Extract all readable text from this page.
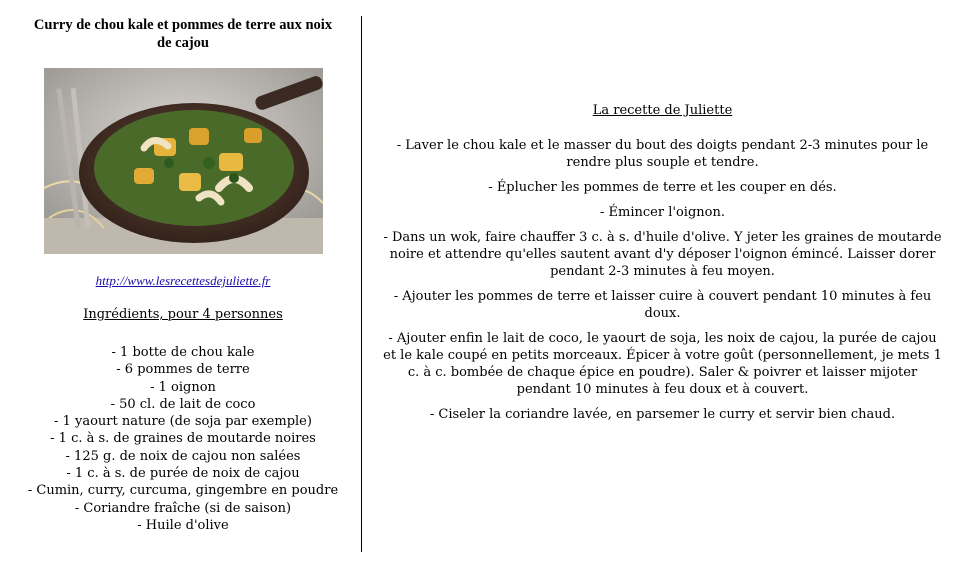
Curry de chou kale et pommes de terre aux noix de cajou
http://www.lesrecettesdejuliette.fr
Ingrédients, pour 4 personnes
- 1 botte de chou kale
- 6 pommes de terre
- 1 oignon
- 50 cl. de lait de coco
- 1 yaourt nature (de soja par exemple)
- 1 c. à s. de graines de moutarde noires
- 125 g. de noix de cajou non salées
- 1 c. à s. de purée de noix de cajou
- Cumin, curry, curcuma, gingembre en poudre
- Coriandre fraîche (si de saison)
- Huile d'olive
La recette de Juliette

- Laver le chou kale et le masser du bout des doigts pendant 2-3 minutes pour le rendre plus souple et tendre.

- Éplucher les pommes de terre et les couper en dés.

- Émincer l'oignon.

- Dans un wok, faire chauffer 3 c. à s. d'huile d'olive. Y jeter les graines de moutarde noire et attendre qu'elles sautent avant d'y déposer l'oignon émincé. Laisser dorer pendant 2-3 minutes à feu moyen.

- Ajouter les pommes de terre et laisser cuire à couvert pendant 10 minutes à feu doux.

- Ajouter enfin le lait de coco, le yaourt de soja, les noix de cajou, la purée de cajou et le kale coupé en petits morceaux. Épicer à votre goût (personnellement, je mets 1 c. à c. bombée de chaque épice en poudre). Saler & poivrer et laisser mijoter pendant 10 minutes à feu doux et à couvert.

- Ciseler la coriandre lavée, en parsemer le curry et servir bien chaud.
